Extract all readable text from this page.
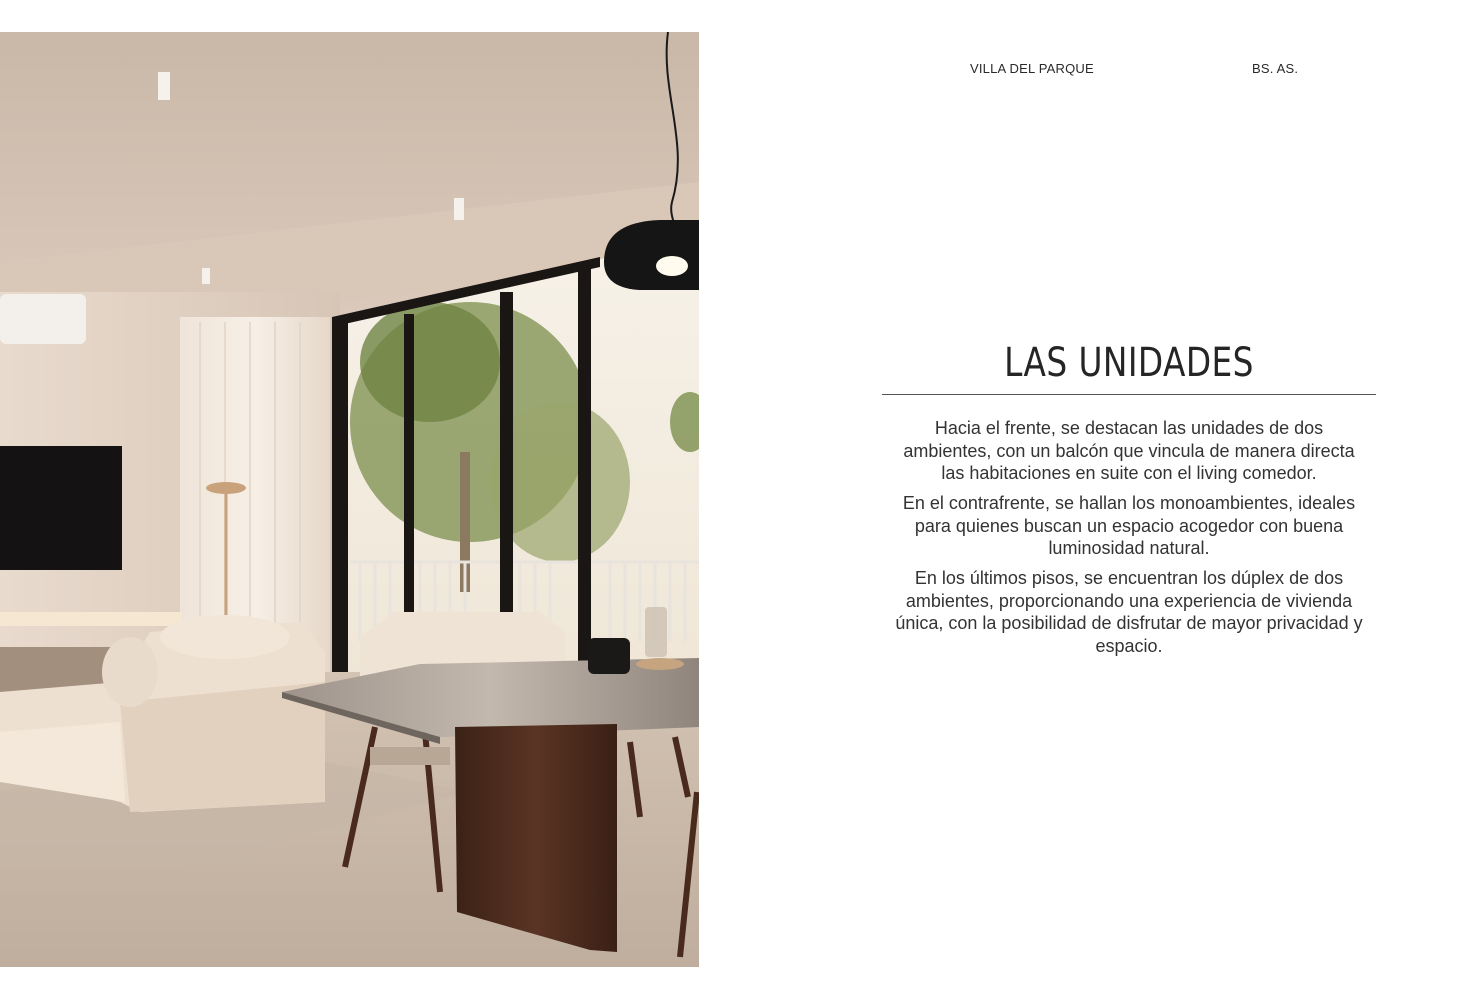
VILLA DEL PARQUE	BS. AS.
LAS UNIDADES

Hacia el frente, se destacan las unidades de dos ambientes, con un balcón que vincula de manera directa las habitaciones en suite con el living comedor.

En el contrafrente, se hallan los monoambientes, ideales para quienes buscan un espacio acogedor con buena luminosidad natural.

En los últimos pisos, se encuentran los dúplex de dos ambientes, proporcionando una experiencia de vivienda única, con la posibilidad de disfrutar de mayor privacidad y espacio.
